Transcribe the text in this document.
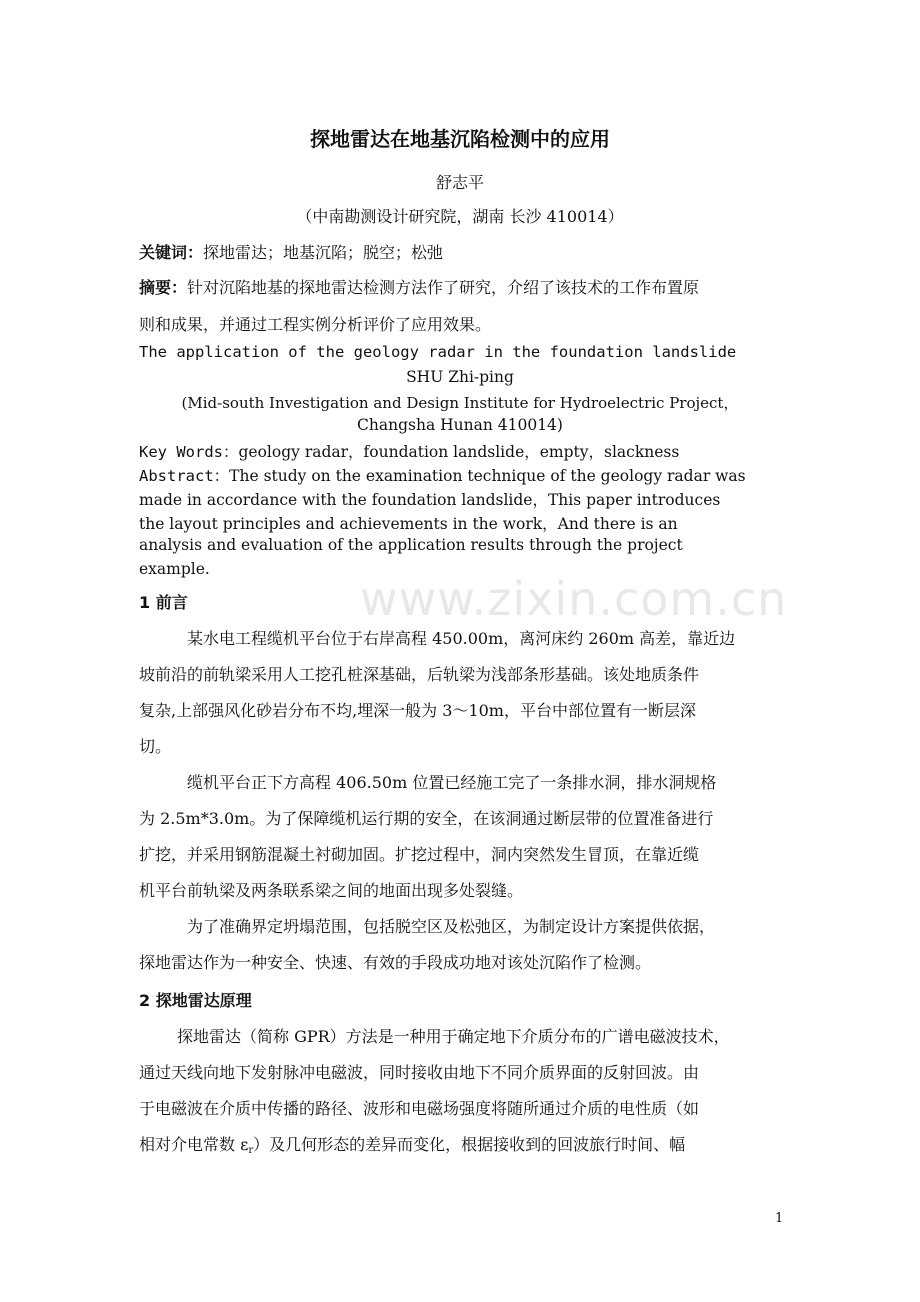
www.zixin.com.cn
探地雷达在地基沉陷检测中的应用
舒志平
（中南勘测设计研究院，湖南 长沙 410014）
关键词：探地雷达；地基沉陷；脱空；松弛
摘要：针对沉陷地基的探地雷达检测方法作了研究，介绍了该技术的工作布置原
则和成果，并通过工程实例分析评价了应用效果。
The application of the geology radar in the foundation landslide
SHU Zhi-ping
(Mid-south Investigation and Design Institute for Hydroelectric Project，
Changsha Hunan 410014)
Key Words：geology radar，foundation landslide，empty，slackness
Abstract：The study on the examination technique of the geology radar was
made in accordance with the foundation landslide，This paper introduces
the layout principles and achievements in the work，And there is an
analysis and evaluation of the application results through the project
example.
1 前言
某水电工程缆机平台位于右岸高程 450.00m，离河床约 260m 高差，靠近边
坡前沿的前轨梁采用人工挖孔桩深基础，后轨梁为浅部条形基础。该处地质条件
复杂,上部强风化砂岩分布不均,埋深一般为 3～10m，平台中部位置有一断层深
切。
缆机平台正下方高程 406.50m 位置已经施工完了一条排水洞，排水洞规格
为 2.5m*3.0m。为了保障缆机运行期的安全，在该洞通过断层带的位置准备进行
扩挖，并采用钢筋混凝土衬砌加固。扩挖过程中，洞内突然发生冒顶，在靠近缆
机平台前轨梁及两条联系梁之间的地面出现多处裂缝。
为了准确界定坍塌范围，包括脱空区及松弛区，为制定设计方案提供依据，
探地雷达作为一种安全、快速、有效的手段成功地对该处沉陷作了检测。
2 探地雷达原理
探地雷达（简称 GPR）方法是一种用于确定地下介质分布的广谱电磁波技术，
通过天线向地下发射脉冲电磁波，同时接收由地下不同介质界面的反射回波。由
于电磁波在介质中传播的路径、波形和电磁场强度将随所通过介质的电性质（如
相对介电常数 $\varepsilon_r$）及几何形态的差异而变化，根据接收到的回波旅行时间、幅
1
